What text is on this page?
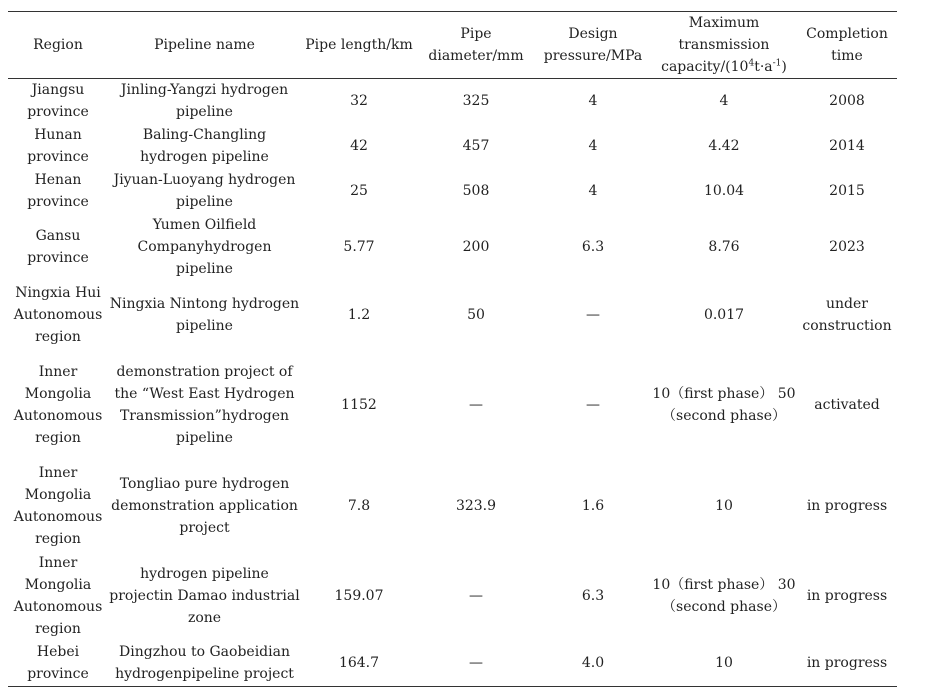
Region	Pipeline name	Pipe length/km	Pipe diameter/mm	Design pressure/MPa	Maximum transmission capacity/$(10^4t\cdot a^{-1})$	Completion time
Jiangsu province	Jinling-Yangzi hydrogen pipeline	32	325	4	4	2008
Hunan province	Baling-Changling hydrogen pipeline	42	457	4	4.42	2014
Henan province	Jiyuan-Luoyang hydrogen pipeline	25	508	4	10.04	2015
Gansu province	Yumen Oilfield Companyhydrogen pipeline	5.77	200	6.3	8.76	2023
Ningxia Hui Autonomous region	Ningxia Nintong hydrogen pipeline	1.2	50	—	0.017	under construction
Inner Mongolia Autonomous region	demonstration project of the “West East Hydrogen Transmission”hydrogen pipeline	1152	—	—	10（first phase） 50（second phase）	activated
Inner Mongolia Autonomous region	Tongliao pure hydrogen demonstration application project	7.8	323.9	1.6	10	in progress
Inner Mongolia Autonomous region	hydrogen pipeline projectin Damao industrial zone	159.07	—	6.3	10（first phase） 30（second phase）	in progress
Hebei province	Dingzhou to Gaobeidian hydrogenpipeline project	164.7	—	4.0	10	in progress
